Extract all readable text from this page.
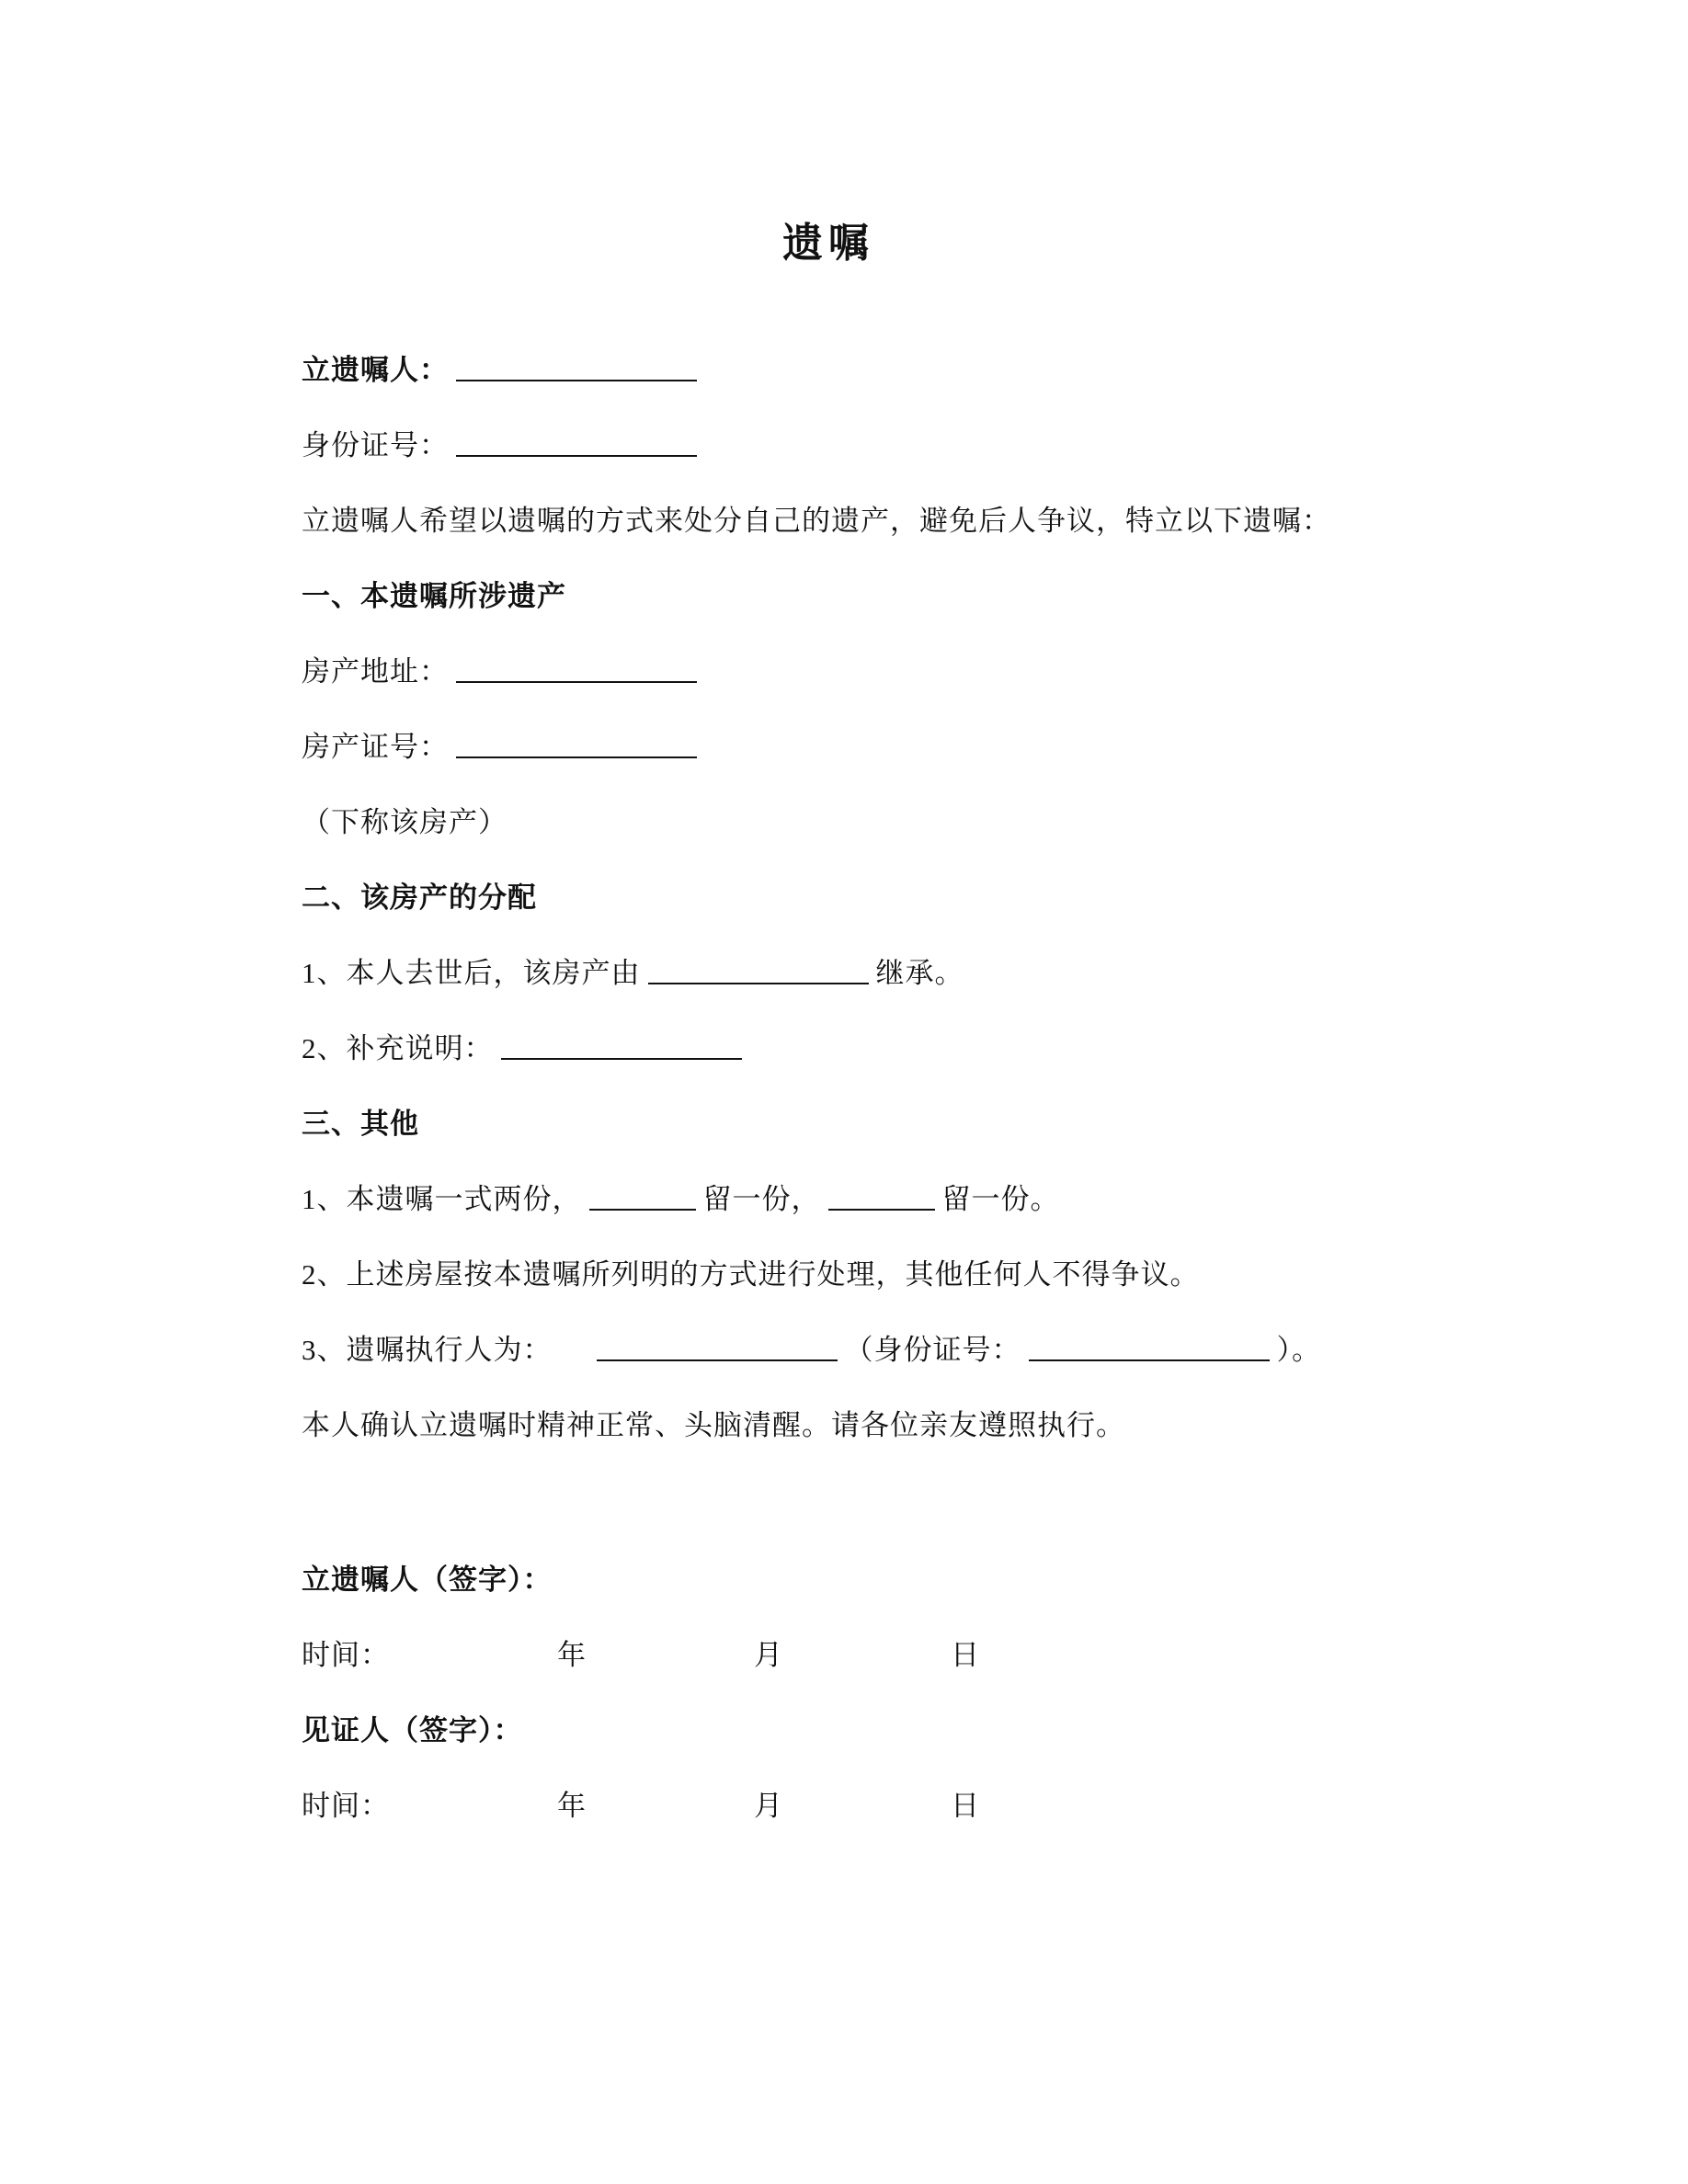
遗嘱

立遗嘱人：

身份证号：

立遗嘱人希望以遗嘱的方式来处分自己的遗产，避免后人争议，特立以下遗嘱：

一、本遗嘱所涉遗产

房产地址：

房产证号：

（下称该房产）

二、该房产的分配

1、本人去世后，该房产由	继承。

2、补充说明：

三、其他

1、本遗嘱一式两份，	留一份，	留一份。

2、上述房屋按本遗嘱所列明的方式进行处理，其他任何人不得争议。

3、遗嘱执行人为：	（身份证号：	）。

本人确认立遗嘱时精神正常、头脑清醒。请各位亲友遵照执行。

立遗嘱人（签字）：

时间：	年	月	日

见证人（签字）：

时间：	年	月	日
